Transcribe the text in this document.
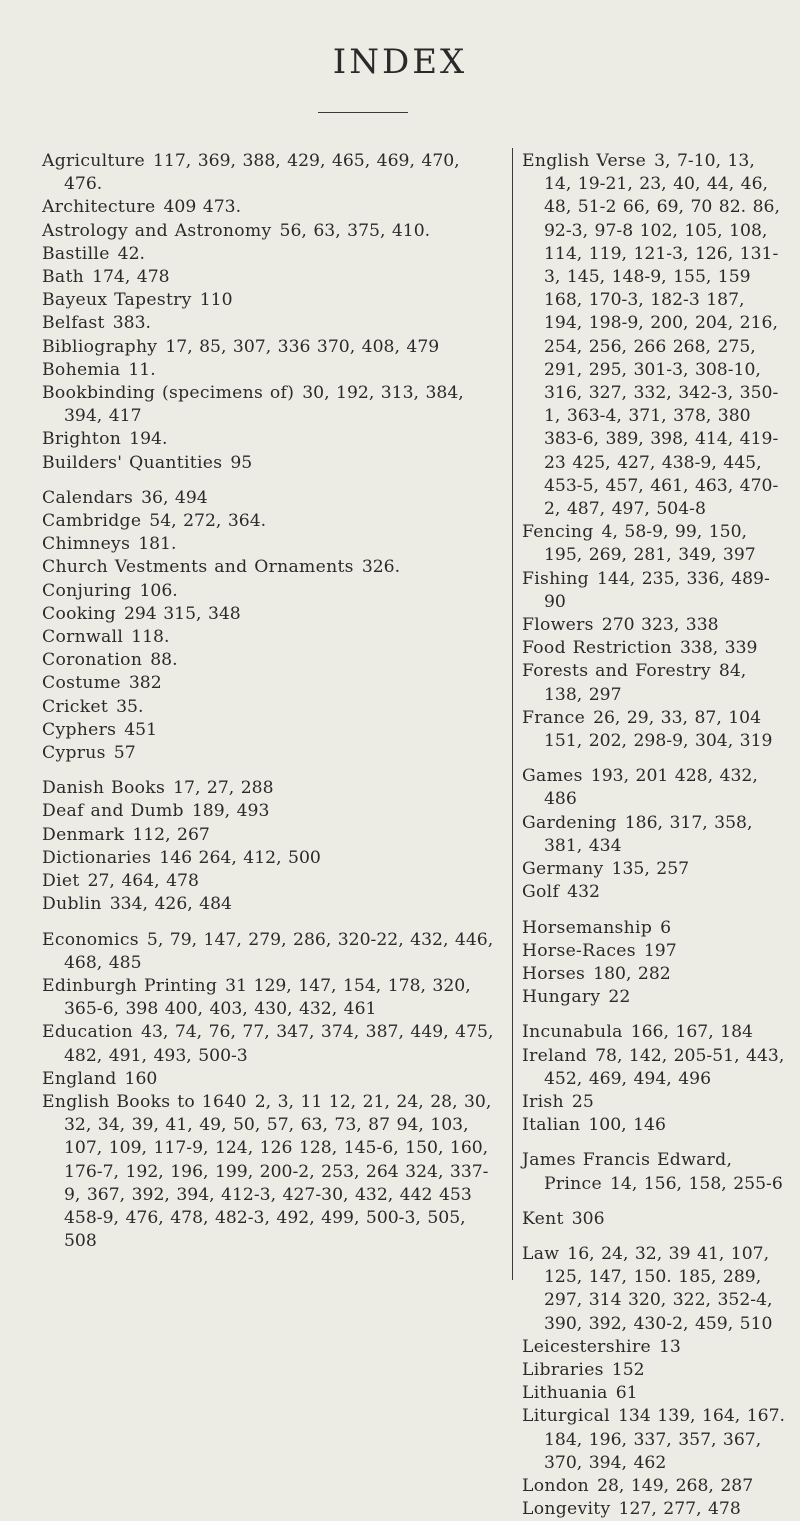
INDEX
Agriculture 117, 369, 388, 429, 465, 469, 470, 476.
Architecture 409 473.
Astrology and Astronomy 56, 63, 375, 410.
Bastille 42.
Bath 174, 478
Bayeux Tapestry 110
Belfast 383.
Bibliography 17, 85, 307, 336 370, 408, 479
Bohemia 11.
Bookbinding (specimens of) 30, 192, 313, 384, 394, 417
Brighton 194.
Builders' Quantities 95
Calendars 36, 494
Cambridge 54, 272, 364.
Chimneys 181.
Church Vestments and Ornaments 326.
Conjuring 106.
Cooking 294 315, 348
Cornwall 118.
Coronation 88.
Costume 382
Cricket 35.
Cyphers 451
Cyprus 57
Danish Books 17, 27, 288
Deaf and Dumb 189, 493
Denmark 112, 267
Dictionaries 146 264, 412, 500
Diet 27, 464, 478
Dublin 334, 426, 484
Economics 5, 79, 147, 279, 286, 320-22, 432, 446, 468, 485
Edinburgh Printing 31 129, 147, 154, 178, 320, 365-6, 398 400, 403, 430, 432, 461
Education 43, 74, 76, 77, 347, 374, 387, 449, 475, 482, 491, 493, 500-3
England 160
English Books to 1640 2, 3, 11 12, 21, 24, 28, 30, 32, 34, 39, 41, 49, 50, 57, 63, 73, 87 94, 103, 107, 109, 117-9, 124, 126 128, 145-6, 150, 160, 176-7, 192, 196, 199, 200-2, 253, 264 324, 337-9, 367, 392, 394, 412-3, 427-30, 432, 442 453 458-9, 476, 478, 482-3, 492, 499, 500-3, 505, 508
English Verse 3, 7-10, 13, 14, 19-21, 23, 40, 44, 46, 48, 51-2 66, 69, 70 82. 86, 92-3, 97-8 102, 105, 108, 114, 119, 121-3, 126, 131-3, 145, 148-9, 155, 159 168, 170-3, 182-3 187, 194, 198-9, 200, 204, 216, 254, 256, 266 268, 275, 291, 295, 301-3, 308-10, 316, 327, 332, 342-3, 350-1, 363-4, 371, 378, 380 383-6, 389, 398, 414, 419-23 425, 427, 438-9, 445, 453-5, 457, 461, 463, 470-2, 487, 497, 504-8
Fencing 4, 58-9, 99, 150, 195, 269, 281, 349, 397
Fishing 144, 235, 336, 489-90
Flowers 270 323, 338
Food Restriction 338, 339
Forests and Forestry 84, 138, 297
France 26, 29, 33, 87, 104 151, 202, 298-9, 304, 319
Games 193, 201 428, 432, 486
Gardening 186, 317, 358, 381, 434
Germany 135, 257
Golf 432
Horsemanship 6
Horse-Races 197
Horses 180, 282
Hungary 22
Incunabula 166, 167, 184
Ireland 78, 142, 205-51, 443, 452, 469, 494, 496
Irish 25
Italian 100, 146
James Francis Edward, Prince 14, 156, 158, 255-6
Kent 306
Law 16, 24, 32, 39 41, 107, 125, 147, 150. 185, 289, 297, 314 320, 322, 352-4, 390, 392, 430-2, 459, 510
Leicestershire 13
Libraries 152
Lithuania 61
Liturgical 134 139, 164, 167. 184, 196, 337, 357, 367, 370, 394, 462
London 28, 149, 268, 287
Longevity 127, 277, 478
